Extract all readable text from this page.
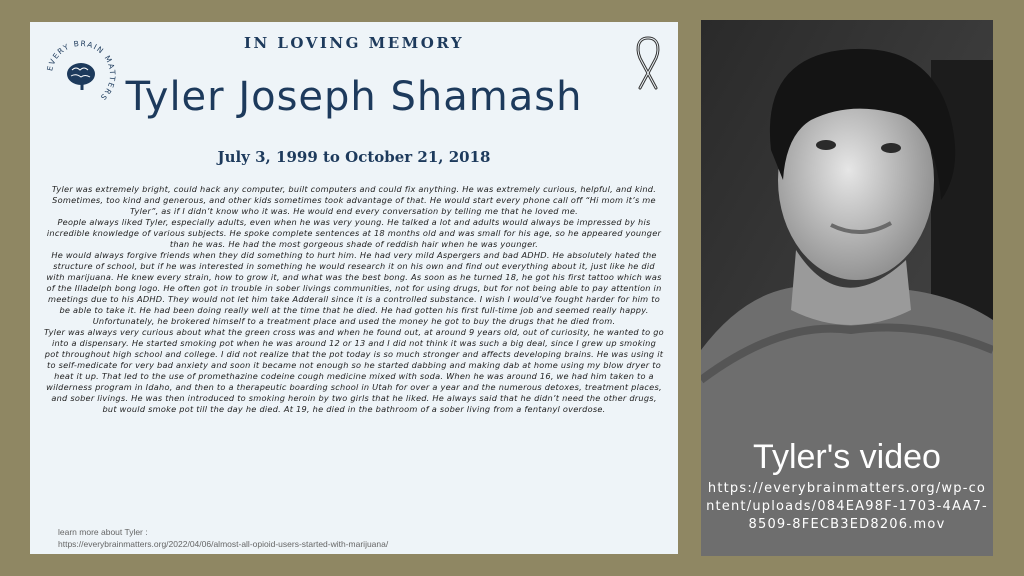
EVERY BRAIN MATTERS
IN LOVING MEMORY
Tyler Joseph Shamash
July 3, 1999 to October 21, 2018

Tyler was extremely bright, could hack any computer, built computers and could fix anything. He was extremely curious, helpful, and kind. Sometimes, too kind and generous, and other kids sometimes took advantage of that. He would start every phone call off “Hi mom it’s me Tyler”, as if I didn’t know who it was. He would end every conversation by telling me that he loved me.

People always liked Tyler, especially adults, even when he was very young. He talked a lot and adults would always be impressed by his incredible knowledge of various subjects. He spoke complete sentences at 18 months old and was small for his age, so he appeared younger than he was. He had the most gorgeous shade of reddish hair when he was younger.

He would always forgive friends when they did something to hurt him. He had very mild Aspergers and bad ADHD. He absolutely hated the structure of school, but if he was interested in something he would research it on his own and find out everything about it, just like he did with marijuana. He knew every strain, how to grow it, and what was the best bong. As soon as he turned 18, he got his first tattoo which was of the Illadelph bong logo. He often got in trouble in sober livings communities, not for using drugs, but for not being able to pay attention in meetings due to his ADHD. They would not let him take Adderall since it is a controlled substance. I wish I would’ve fought harder for him to be able to take it. He had been doing really well at the time that he died. He had gotten his first full-time job and seemed really happy. Unfortunately, he brokered himself to a treatment place and used the money he got to buy the drugs that he died from.

Tyler was always very curious about what the green cross was and when he found out, at around 9 years old, out of curiosity, he wanted to go into a dispensary. He started smoking pot when he was around 12 or 13 and I did not think it was such a big deal, since I grew up smoking pot throughout high school and college. I did not realize that the pot today is so much stronger and affects developing brains. He was using it to self-medicate for very bad anxiety and soon it became not enough so he started dabbing and making dab at home using my blow dryer to heat it up. That led to the use of promethazine codeine cough medicine mixed with soda. When he was around 16, we had him taken to a wilderness program in Idaho, and then to a therapeutic boarding school in Utah for over a year and the numerous detoxes, treatment places, and sober livings. He was then introduced to smoking heroin by two girls that he liked. He always said that he didn’t need the other drugs, but would smoke pot till the day he died. At 19, he died in the bathroom of a sober living from a fentanyl overdose.

learn more about Tyler :
https://everybrainmatters.org/2022/04/06/almost-all-opioid-users-started-with-marijuana/
Tyler's video
https://everybrainmatters.org/wp-content/uploads/084EA98F-1703-4AA7-8509-8FECB3ED8206.mov
